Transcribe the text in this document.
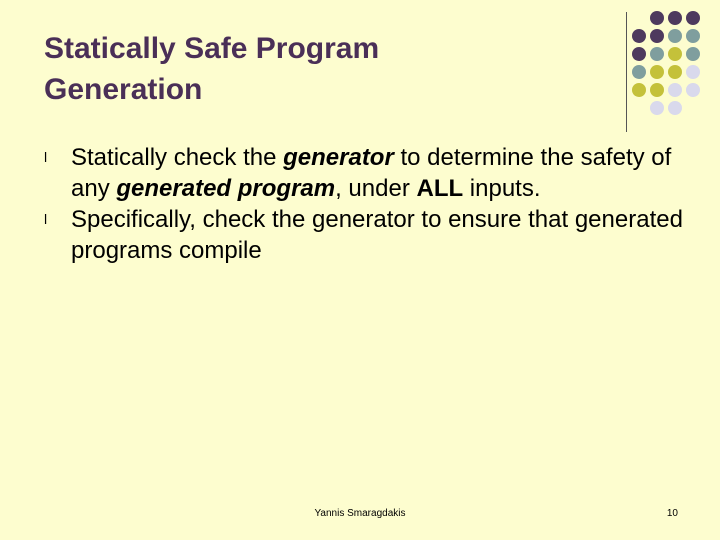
Statically Safe Program
Generation
l Statically check the generator to determine the safety of any generated program, under ALL inputs.
l Specifically, check the generator to ensure that generated programs compile
Yannis Smaragdakis	10
